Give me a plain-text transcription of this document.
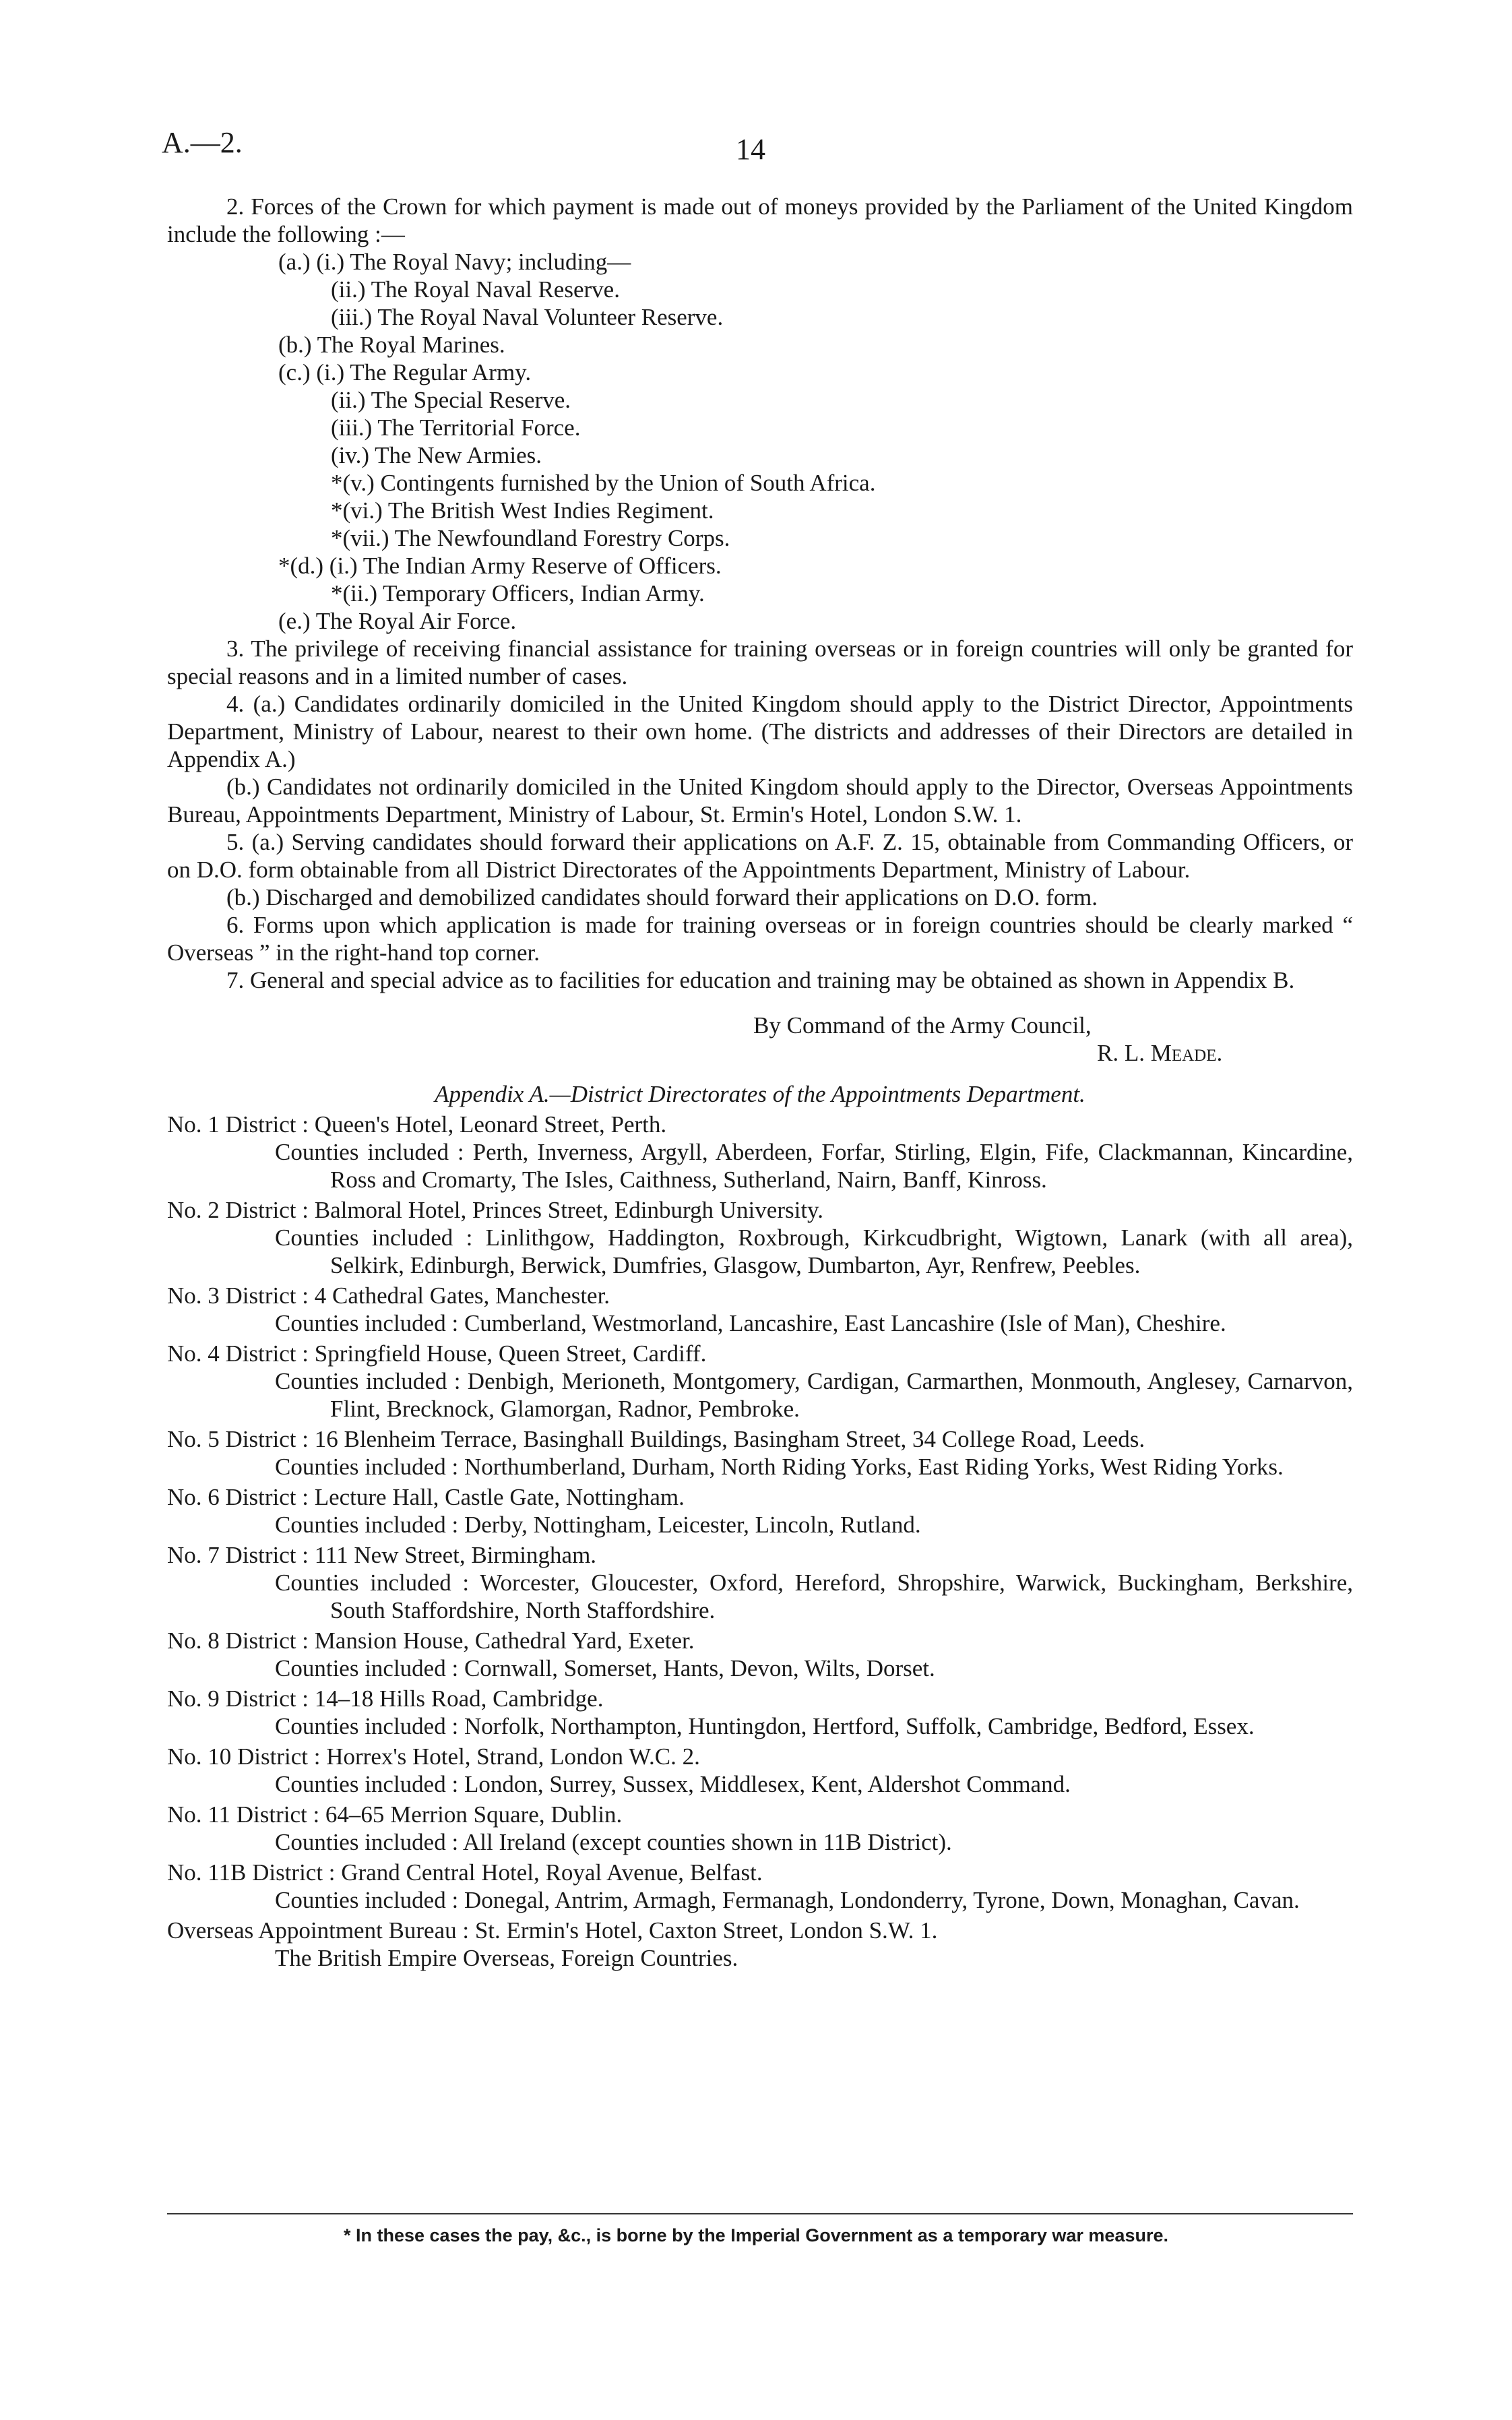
A.—2.	14
2. Forces of the Crown for which payment is made out of moneys provided by the Parliament of the United Kingdom include the following :—
(a.) (i.) The Royal Navy; including—
(ii.) The Royal Naval Reserve.
(iii.) The Royal Naval Volunteer Reserve.
(b.) The Royal Marines.
(c.) (i.) The Regular Army.
(ii.) The Special Reserve.
(iii.) The Territorial Force.
(iv.) The New Armies.
*(v.) Contingents furnished by the Union of South Africa.
*(vi.) The British West Indies Regiment.
*(vii.) The Newfoundland Forestry Corps.
*(d.) (i.) The Indian Army Reserve of Officers.
*(ii.) Temporary Officers, Indian Army.
(e.) The Royal Air Force.
3. The privilege of receiving financial assistance for training overseas or in foreign countries will only be granted for special reasons and in a limited number of cases.
4. (a.) Candidates ordinarily domiciled in the United Kingdom should apply to the District Director, Appointments Department, Ministry of Labour, nearest to their own home. (The districts and addresses of their Directors are detailed in Appendix A.)
(b.) Candidates not ordinarily domiciled in the United Kingdom should apply to the Director, Overseas Appointments Bureau, Appointments Department, Ministry of Labour, St. Ermin's Hotel, London S.W. 1.
5. (a.) Serving candidates should forward their applications on A.F. Z. 15, obtainable from Commanding Officers, or on D.O. form obtainable from all District Directorates of the Appointments Department, Ministry of Labour.
(b.) Discharged and demobilized candidates should forward their applications on D.O. form.
6. Forms upon which application is made for training overseas or in foreign countries should be clearly marked “ Overseas ” in the right-hand top corner.
7. General and special advice as to facilities for education and training may be obtained as shown in Appendix B.
By Command of the Army Council,
R. L. Meade.
Appendix A.—District Directorates of the Appointments Department.
No. 1 District : Queen's Hotel, Leonard Street, Perth.
Counties included : Perth, Inverness, Argyll, Aberdeen, Forfar, Stirling, Elgin, Fife, Clackmannan, Kincardine, Ross and Cromarty, The Isles, Caithness, Sutherland, Nairn, Banff, Kinross.
No. 2 District : Balmoral Hotel, Princes Street, Edinburgh University.
Counties included : Linlithgow, Haddington, Roxbrough, Kirkcudbright, Wigtown, Lanark (with all area), Selkirk, Edinburgh, Berwick, Dumfries, Glasgow, Dumbarton, Ayr, Renfrew, Peebles.
No. 3 District : 4 Cathedral Gates, Manchester.
Counties included : Cumberland, Westmorland, Lancashire, East Lancashire (Isle of Man), Cheshire.
No. 4 District : Springfield House, Queen Street, Cardiff.
Counties included : Denbigh, Merioneth, Montgomery, Cardigan, Carmarthen, Monmouth, Anglesey, Carnarvon, Flint, Brecknock, Glamorgan, Radnor, Pembroke.
No. 5 District : 16 Blenheim Terrace, Basinghall Buildings, Basingham Street, 34 College Road, Leeds.
Counties included : Northumberland, Durham, North Riding Yorks, East Riding Yorks, West Riding Yorks.
No. 6 District : Lecture Hall, Castle Gate, Nottingham.
Counties included : Derby, Nottingham, Leicester, Lincoln, Rutland.
No. 7 District : 111 New Street, Birmingham.
Counties included : Worcester, Gloucester, Oxford, Hereford, Shropshire, Warwick, Buckingham, Berkshire, South Staffordshire, North Staffordshire.
No. 8 District : Mansion House, Cathedral Yard, Exeter.
Counties included : Cornwall, Somerset, Hants, Devon, Wilts, Dorset.
No. 9 District : 14–18 Hills Road, Cambridge.
Counties included : Norfolk, Northampton, Huntingdon, Hertford, Suffolk, Cambridge, Bedford, Essex.
No. 10 District : Horrex's Hotel, Strand, London W.C. 2.
Counties included : London, Surrey, Sussex, Middlesex, Kent, Aldershot Command.
No. 11 District : 64–65 Merrion Square, Dublin.
Counties included : All Ireland (except counties shown in 11B District).
No. 11B District : Grand Central Hotel, Royal Avenue, Belfast.
Counties included : Donegal, Antrim, Armagh, Fermanagh, Londonderry, Tyrone, Down, Monaghan, Cavan.
Overseas Appointment Bureau : St. Ermin's Hotel, Caxton Street, London S.W. 1.
The British Empire Overseas, Foreign Countries.
* In these cases the pay, &c., is borne by the Imperial Government as a temporary war measure.
